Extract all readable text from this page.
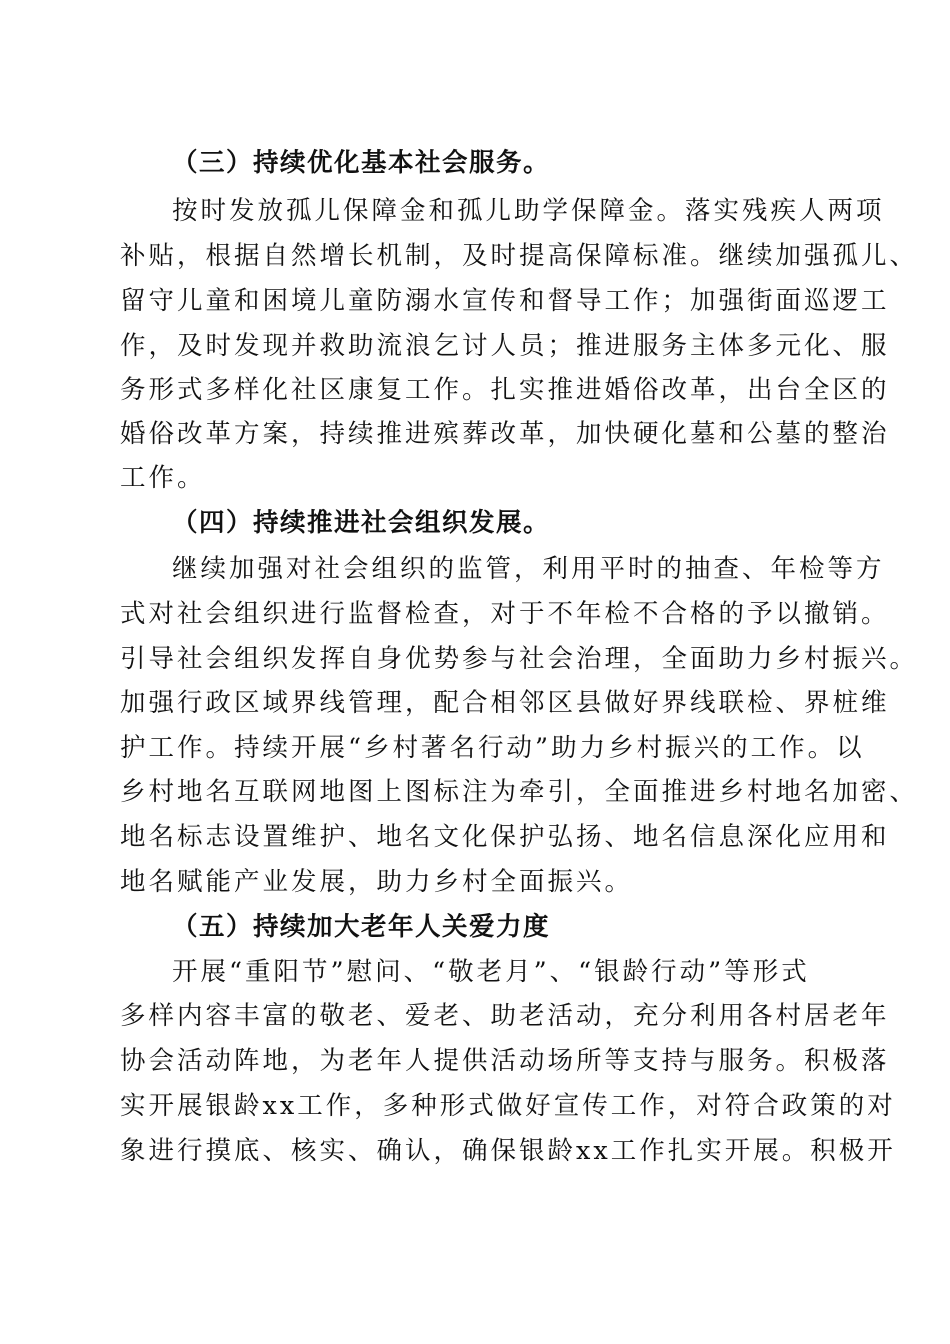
（三）持续优化基本社会服务。
按时发放孤儿保障金和孤儿助学保障金。落实残疾人两项
补贴，根据自然增长机制，及时提高保障标准。继续加强孤儿、
留守儿童和困境儿童防溺水宣传和督导工作；加强街面巡逻工
作，及时发现并救助流浪乞讨人员；推进服务主体多元化、服
务形式多样化社区康复工作。扎实推进婚俗改革，出台全区的
婚俗改革方案，持续推进殡葬改革，加快硬化墓和公墓的整治
工作。
（四）持续推进社会组织发展。
继续加强对社会组织的监管，利用平时的抽查、年检等方
式对社会组织进行监督检查，对于不年检不合格的予以撤销。
引导社会组织发挥自身优势参与社会治理，全面助力乡村振兴。
加强行政区域界线管理，配合相邻区县做好界线联检、界桩维
护工作。持续开展“乡村著名行动”助力乡村振兴的工作。以
乡村地名互联网地图上图标注为牵引，全面推进乡村地名加密、
地名标志设置维护、地名文化保护弘扬、地名信息深化应用和
地名赋能产业发展，助力乡村全面振兴。
（五）持续加大老年人关爱力度
开展“重阳节”慰问、“敬老月”、“银龄行动”等形式
多样内容丰富的敬老、爱老、助老活动，充分利用各村居老年
协会活动阵地，为老年人提供活动场所等支持与服务。积极落
实开展银龄xx工作，多种形式做好宣传工作，对符合政策的对
象进行摸底、核实、确认，确保银龄xx工作扎实开展。积极开
